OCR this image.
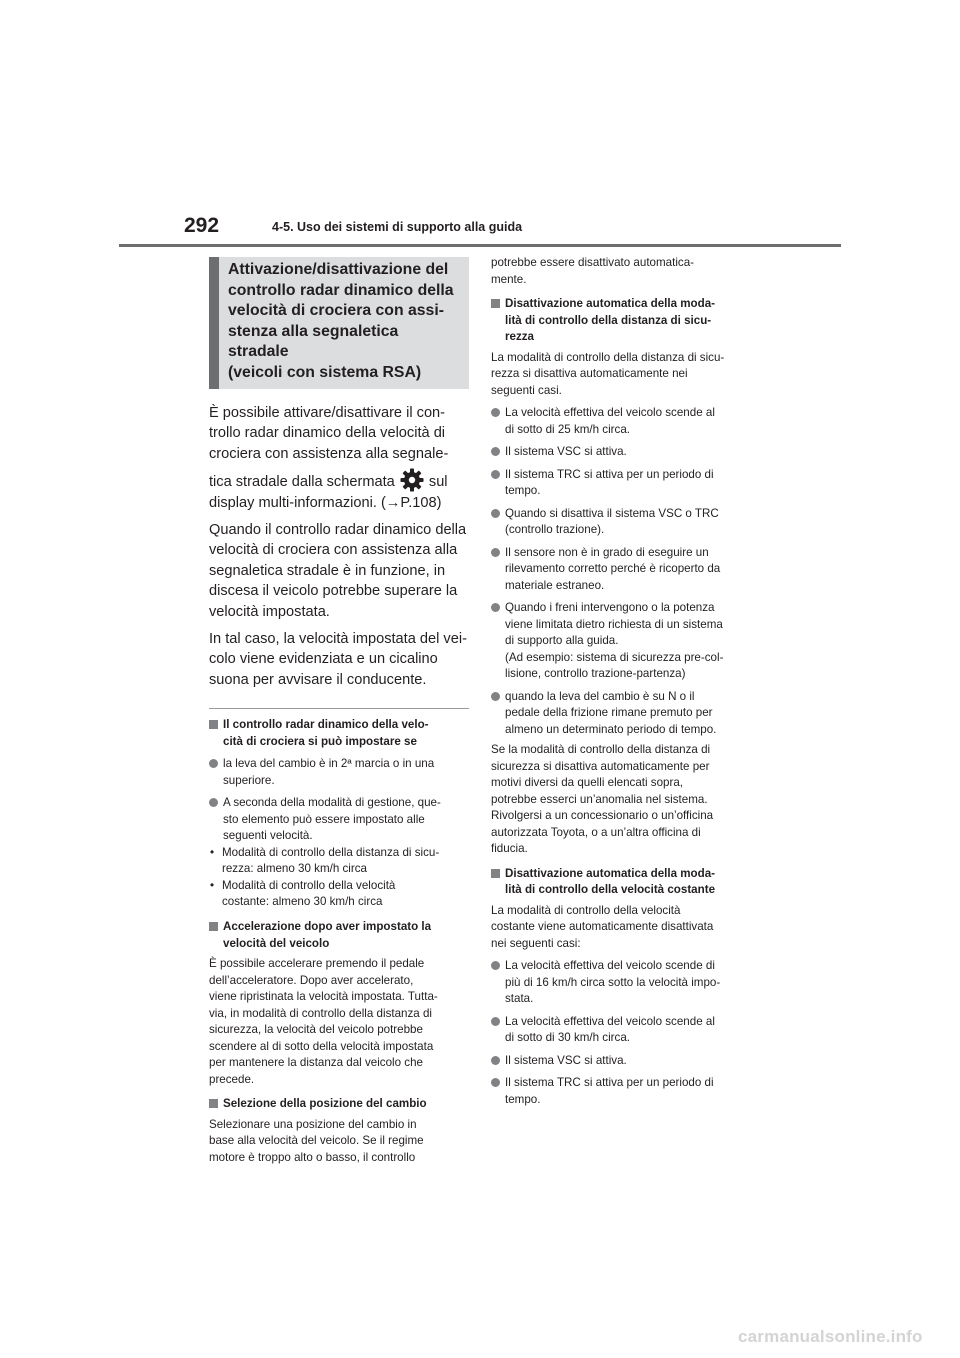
292	4-5. Uso dei sistemi di supporto alla guida
Attivazione/disattivazione del
controllo radar dinamico della
velocità di crociera con assi-
stenza alla segnaletica stradale
(veicoli con sistema RSA)
È possibile attivare/disattivare il con-
trollo radar dinamico della velocità di
crociera con assistenza alla segnale-
tica stradale dalla schermata sul
display multi-informazioni. (→P.108)
Quando il controllo radar dinamico della
velocità di crociera con assistenza alla
segnaletica stradale è in funzione, in
discesa il veicolo potrebbe superare la
velocità impostata.
In tal caso, la velocità impostata del vei-
colo viene evidenziata e un cicalino
suona per avvisare il conducente.
Il controllo radar dinamico della velo-
cità di crociera si può impostare se
la leva del cambio è in 2ª marcia o in una
superiore.
A seconda della modalità di gestione, que-
sto elemento può essere impostato alle
seguenti velocità.
• Modalità di controllo della distanza di sicu-
rezza: almeno 30 km/h circa
• Modalità di controllo della velocità
costante: almeno 30 km/h circa
Accelerazione dopo aver impostato la
velocità del veicolo
È possibile accelerare premendo il pedale
dell’acceleratore. Dopo aver accelerato,
viene ripristinata la velocità impostata. Tutta-
via, in modalità di controllo della distanza di
sicurezza, la velocità del veicolo potrebbe
scendere al di sotto della velocità impostata
per mantenere la distanza dal veicolo che
precede.
Selezione della posizione del cambio
Selezionare una posizione del cambio in
base alla velocità del veicolo. Se il regime
motore è troppo alto o basso, il controllo
potrebbe essere disattivato automatica-
mente.
Disattivazione automatica della moda-
lità di controllo della distanza di sicu-
rezza
La modalità di controllo della distanza di sicu-
rezza si disattiva automaticamente nei
seguenti casi.
La velocità effettiva del veicolo scende al
di sotto di 25 km/h circa.
Il sistema VSC si attiva.
Il sistema TRC si attiva per un periodo di
tempo.
Quando si disattiva il sistema VSC o TRC
(controllo trazione).
Il sensore non è in grado di eseguire un
rilevamento corretto perché è ricoperto da
materiale estraneo.
Quando i freni intervengono o la potenza
viene limitata dietro richiesta di un sistema
di supporto alla guida.
(Ad esempio: sistema di sicurezza pre-col-
lisione, controllo trazione-partenza)
quando la leva del cambio è su N o il
pedale della frizione rimane premuto per
almeno un determinato periodo di tempo.
Se la modalità di controllo della distanza di
sicurezza si disattiva automaticamente per
motivi diversi da quelli elencati sopra,
potrebbe esserci un’anomalia nel sistema.
Rivolgersi a un concessionario o un’officina
autorizzata Toyota, o a un’altra officina di
fiducia.
Disattivazione automatica della moda-
lità di controllo della velocità costante
La modalità di controllo della velocità
costante viene automaticamente disattivata
nei seguenti casi:
La velocità effettiva del veicolo scende di
più di 16 km/h circa sotto la velocità impo-
stata.
La velocità effettiva del veicolo scende al
di sotto di 30 km/h circa.
Il sistema VSC si attiva.
Il sistema TRC si attiva per un periodo di
tempo.
carmanualsonline.info
